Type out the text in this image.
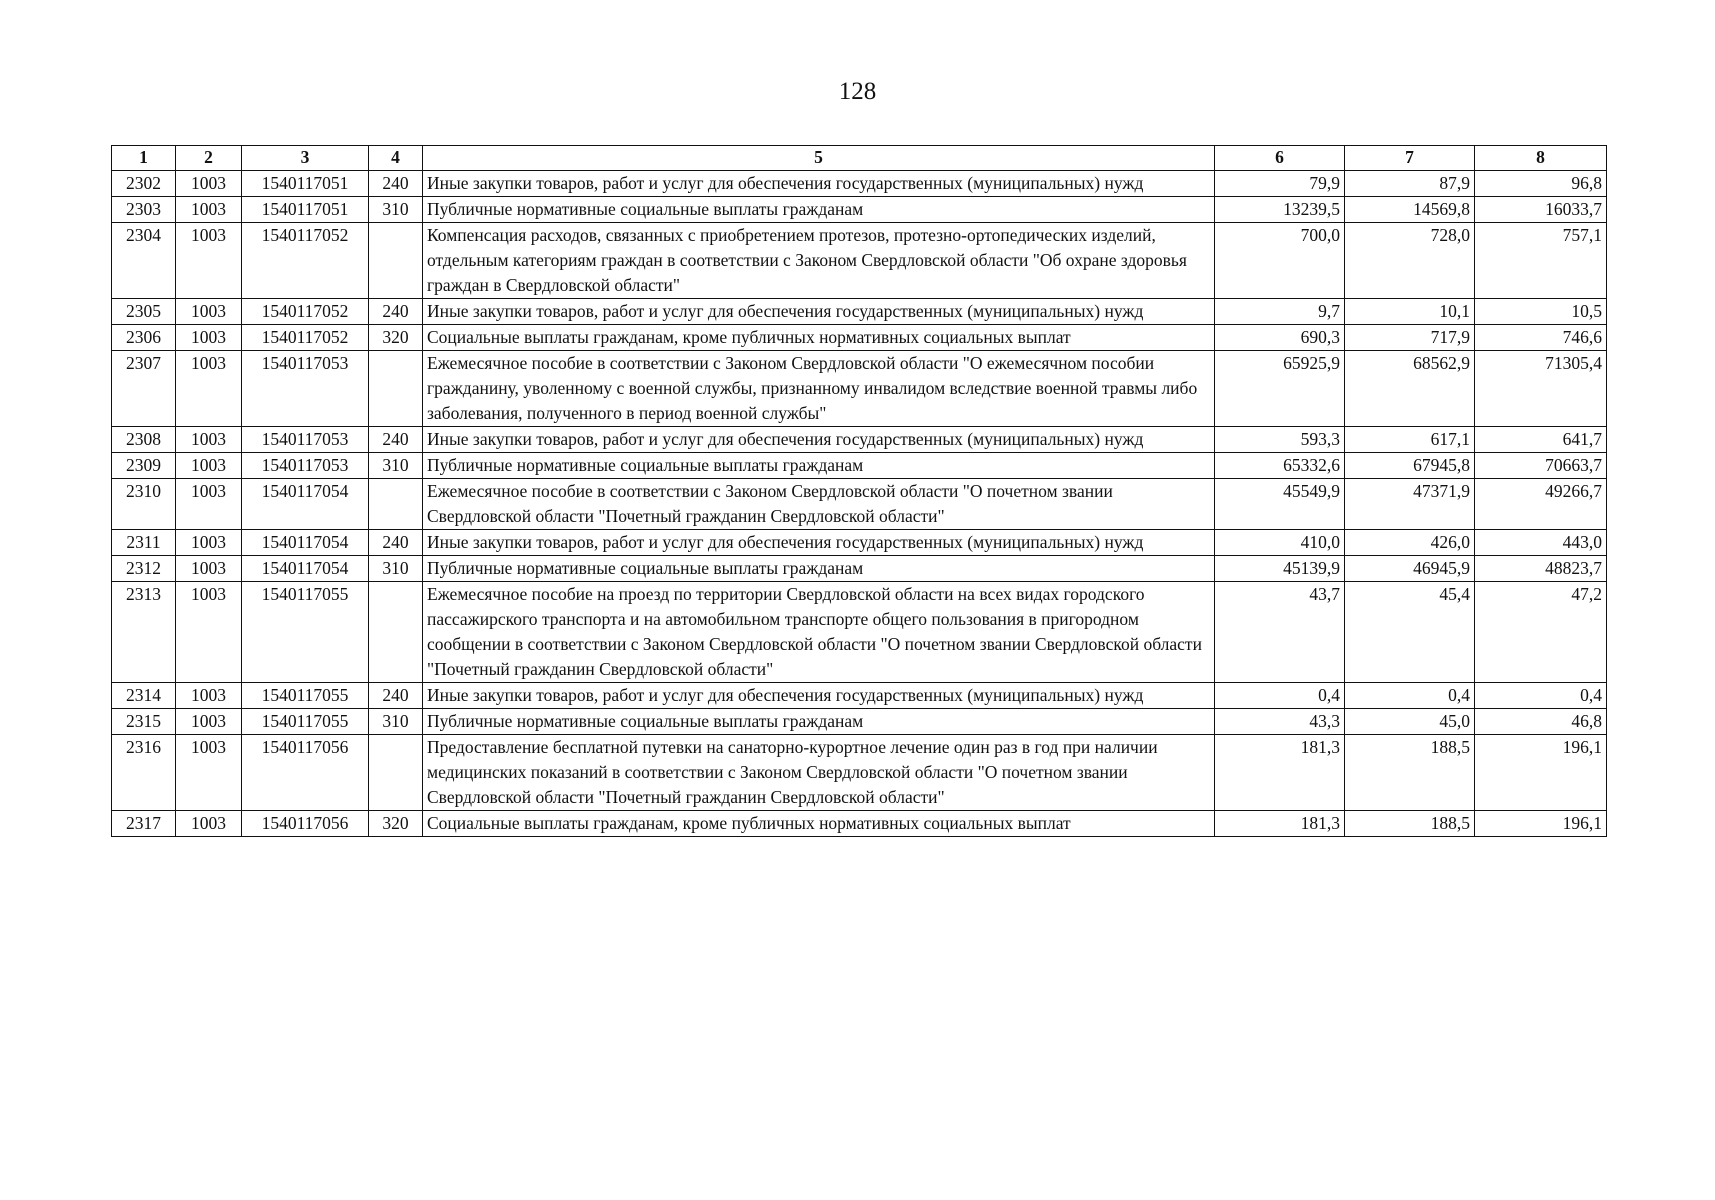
128
1	2	3	4	5	6	7	8
2302	1003	1540117051	240	Иные закупки товаров, работ и услуг для обеспечения государственных (муниципальных) нужд	79,9	87,9	96,8
2303	1003	1540117051	310	Публичные нормативные социальные выплаты гражданам	13239,5	14569,8	16033,7
2304	1003	1540117052		Компенсация расходов, связанных с приобретением протезов, протезно-ортопедических изделий, отдельным категориям граждан в соответствии с Законом Свердловской области "Об охране здоровья граждан в Свердловской области"	700,0	728,0	757,1
2305	1003	1540117052	240	Иные закупки товаров, работ и услуг для обеспечения государственных (муниципальных) нужд	9,7	10,1	10,5
2306	1003	1540117052	320	Социальные выплаты гражданам, кроме публичных нормативных социальных выплат	690,3	717,9	746,6
2307	1003	1540117053		Ежемесячное пособие в соответствии с Законом Свердловской области "О ежемесячном пособии гражданину, уволенному с военной службы, признанному инвалидом вследствие военной травмы либо заболевания, полученного в период военной службы"	65925,9	68562,9	71305,4
2308	1003	1540117053	240	Иные закупки товаров, работ и услуг для обеспечения государственных (муниципальных) нужд	593,3	617,1	641,7
2309	1003	1540117053	310	Публичные нормативные социальные выплаты гражданам	65332,6	67945,8	70663,7
2310	1003	1540117054		Ежемесячное пособие в соответствии с Законом Свердловской области "О почетном звании Свердловской области "Почетный гражданин Свердловской области"	45549,9	47371,9	49266,7
2311	1003	1540117054	240	Иные закупки товаров, работ и услуг для обеспечения государственных (муниципальных) нужд	410,0	426,0	443,0
2312	1003	1540117054	310	Публичные нормативные социальные выплаты гражданам	45139,9	46945,9	48823,7
2313	1003	1540117055		Ежемесячное пособие на проезд по территории Свердловской области на всех видах городского пассажирского транспорта и на автомобильном транспорте общего пользования в пригородном сообщении в соответствии с Законом Свердловской области "О почетном звании Свердловской области "Почетный гражданин Свердловской области"	43,7	45,4	47,2
2314	1003	1540117055	240	Иные закупки товаров, работ и услуг для обеспечения государственных (муниципальных) нужд	0,4	0,4	0,4
2315	1003	1540117055	310	Публичные нормативные социальные выплаты гражданам	43,3	45,0	46,8
2316	1003	1540117056		Предоставление бесплатной путевки на санаторно-курортное лечение один раз в год при наличии медицинских показаний в соответствии с Законом Свердловской области "О почетном звании Свердловской области "Почетный гражданин Свердловской области"	181,3	188,5	196,1
2317	1003	1540117056	320	Социальные выплаты гражданам, кроме публичных нормативных социальных выплат	181,3	188,5	196,1
